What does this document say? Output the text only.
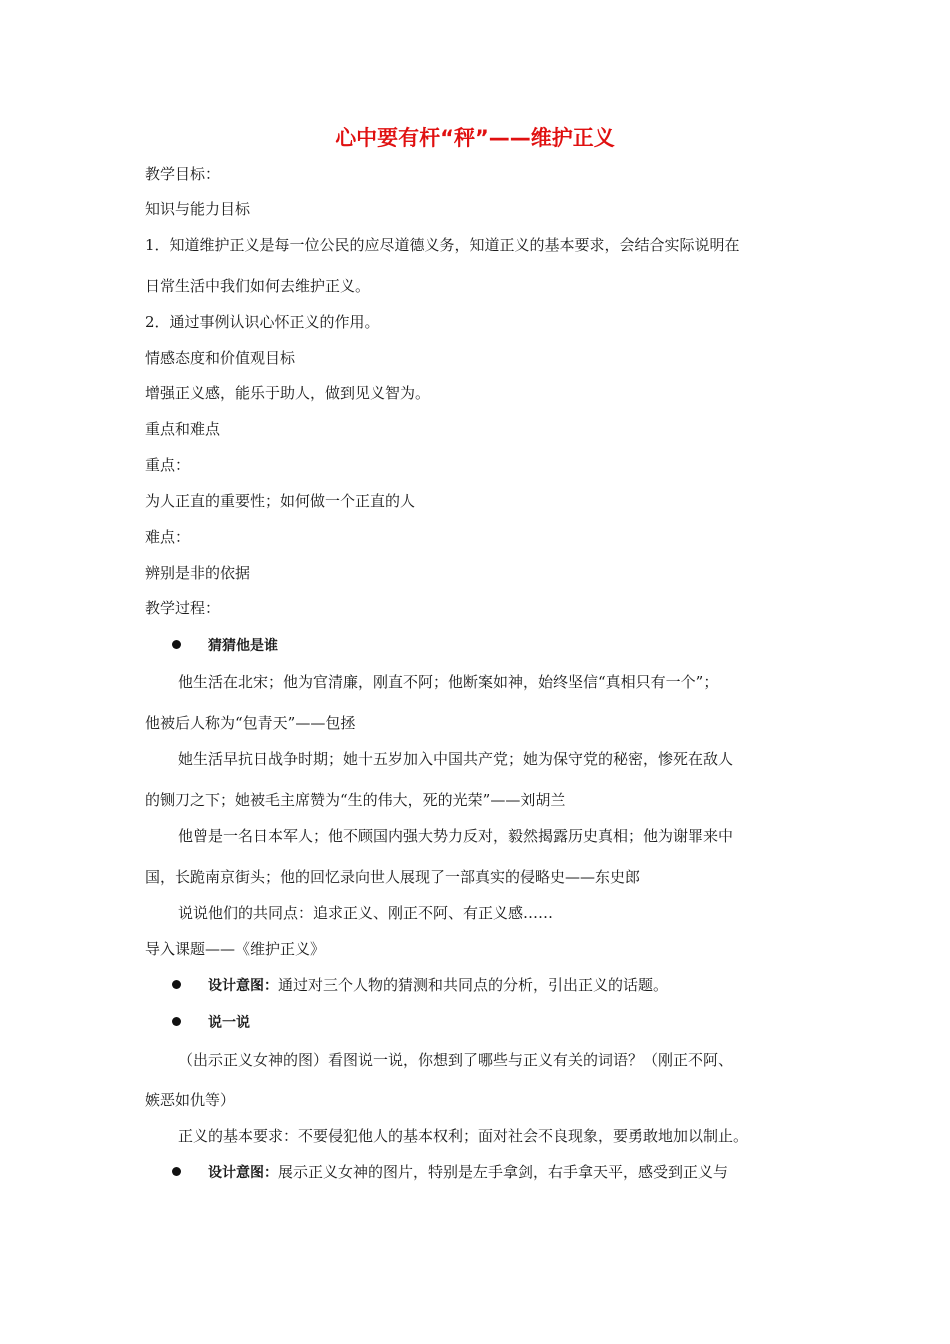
心中要有杆“秤”——维护正义
教学目标：
知识与能力目标
1．知道维护正义是每一位公民的应尽道德义务，知道正义的基本要求，会结合实际说明在
日常生活中我们如何去维护正义。
2．通过事例认识心怀正义的作用。
情感态度和价值观目标
增强正义感，能乐于助人，做到见义智为。
重点和难点
重点：
为人正直的重要性；如何做一个正直的人
难点：
辨别是非的依据
教学过程：
猜猜他是谁
他生活在北宋；他为官清廉，刚直不阿；他断案如神，始终坚信“真相只有一个”；
他被后人称为“包青天”——包拯
她生活早抗日战争时期；她十五岁加入中国共产党；她为保守党的秘密，惨死在敌人
的铡刀之下；她被毛主席赞为“生的伟大，死的光荣”——刘胡兰
他曾是一名日本军人；他不顾国内强大势力反对，毅然揭露历史真相；他为谢罪来中
国，长跪南京街头；他的回忆录向世人展现了一部真实的侵略史——东史郎
说说他们的共同点：追求正义、刚正不阿、有正义感……
导入课题——《维护正义》
设计意图：通过对三个人物的猜测和共同点的分析，引出正义的话题。
说一说
（出示正义女神的图）看图说一说，你想到了哪些与正义有关的词语？（刚正不阿、
嫉恶如仇等）
正义的基本要求：不要侵犯他人的基本权利；面对社会不良现象，要勇敢地加以制止。
设计意图：展示正义女神的图片，特别是左手拿剑，右手拿天平，感受到正义与
